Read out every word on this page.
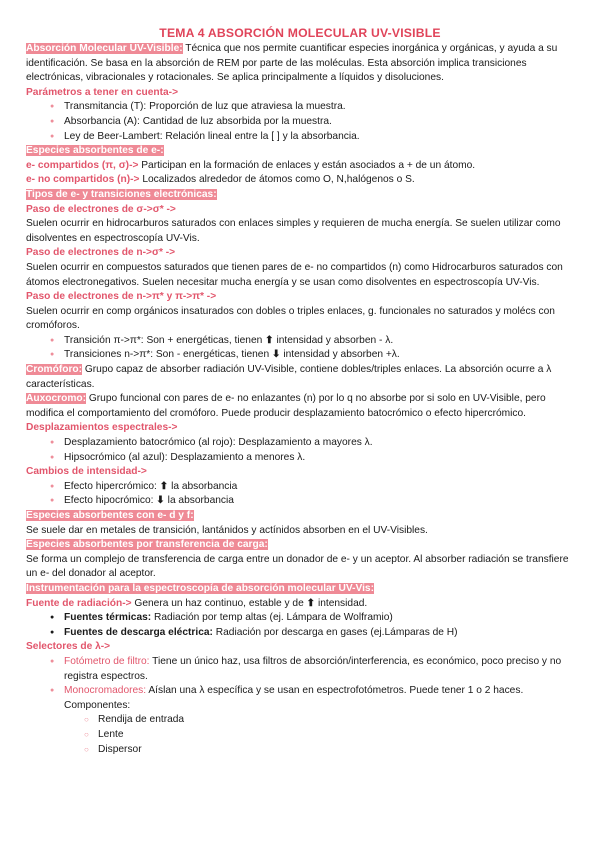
TEMA 4 ABSORCIÓN MOLECULAR UV-VISIBLE

Absorción Molecular UV-Visible: Técnica que nos permite cuantificar especies inorgánica y orgánicas, y ayuda a su identificación. Se basa en la absorción de REM por parte de las moléculas. Esta absorción implica transiciones electrónicas, vibracionales y rotacionales. Se aplica principalmente a líquidos y disoluciones.

Parámetros a tener en cuenta->

● Transmitancia (T): Proporción de luz que atraviesa la muestra.
● Absorbancia (A): Cantidad de luz absorbida por la muestra.
● Ley de Beer-Lambert: Relación lineal entre la [ ] y la absorbancia.

Especies absorbentes de e-:

e- compartidos (π, σ)-> Participan en la formación de enlaces y están asociados a + de un átomo.

e- no compartidos (n)-> Localizados alrededor de átomos como O, N,halógenos o S.

Tipos de e- y transiciones electrónicas:

Paso de electrones de σ->σ* ->

Suelen ocurrir en hidrocarburos saturados con enlaces simples y requieren de mucha energía. Se suelen utilizar como disolventes en espectroscopía UV-Vis.

Paso de electrones de n->σ* ->

Suelen ocurrir en compuestos saturados que tienen pares de e- no compartidos (n) como Hidrocarburos saturados con átomos electronegativos. Suelen necesitar mucha energía y se usan como disolventes en espectroscopía UV-Vis.

Paso de electrones de n->π* y π->π* ->

Suelen ocurrir en comp orgánicos insaturados con dobles o triples enlaces, g. funcionales no saturados y molécs con cromóforos.

● Transición π->π*: Son + energéticas, tienen ⬆ intensidad y absorben - λ.
● Transiciones n->π*: Son - energéticas, tienen ⬇ intensidad y absorben +λ.

Cromóforo: Grupo capaz de absorber radiación UV-Visible, contiene dobles/triples enlaces. La absorción ocurre a λ características.

Auxocromo: Grupo funcional con pares de e- no enlazantes (n) por lo q no absorbe por si solo en UV-Visible, pero modifica el comportamiento del cromóforo. Puede producir desplazamiento batocrómico o efecto hipercrómico.

Desplazamientos espectrales->

● Desplazamiento batocrómico (al rojo): Desplazamiento a mayores λ.
● Hipsocrómico (al azul): Desplazamiento a menores λ.

Cambios de intensidad->

● Efecto hipercrómico: ⬆ la absorbancia
● Efecto hipocrómico: ⬇ la absorbancia

Especies absorbentes con e- d y f:

Se suele dar en metales de transición, lantánidos y actínidos absorben en el UV-Visibles.

Especies absorbentes por transferencia de carga:

Se forma un complejo de transferencia de carga entre un donador de e- y un aceptor. Al absorber radiación se transfiere un e- del donador al aceptor.

Instrumentación para la espectroscopía de absorción molecular UV-Vis:

Fuente de radiación-> Genera un haz continuo, estable y de ⬆ intensidad.

● Fuentes térmicas: Radiación por temp altas (ej. Lámpara de Wolframio)
● Fuentes de descarga eléctrica: Radiación por descarga en gases (ej.Lámparas de H)

Selectores de λ->

● Fotómetro de filtro: Tiene un único haz, usa filtros de absorción/interferencia, es económico, poco preciso y no registra espectros.
● Monocromadores: Aíslan una λ específica y se usan en espectrofotómetros. Puede tener 1 o 2 haces.

Componentes:

○ Rendija de entrada
○ Lente
○ Dispersor
